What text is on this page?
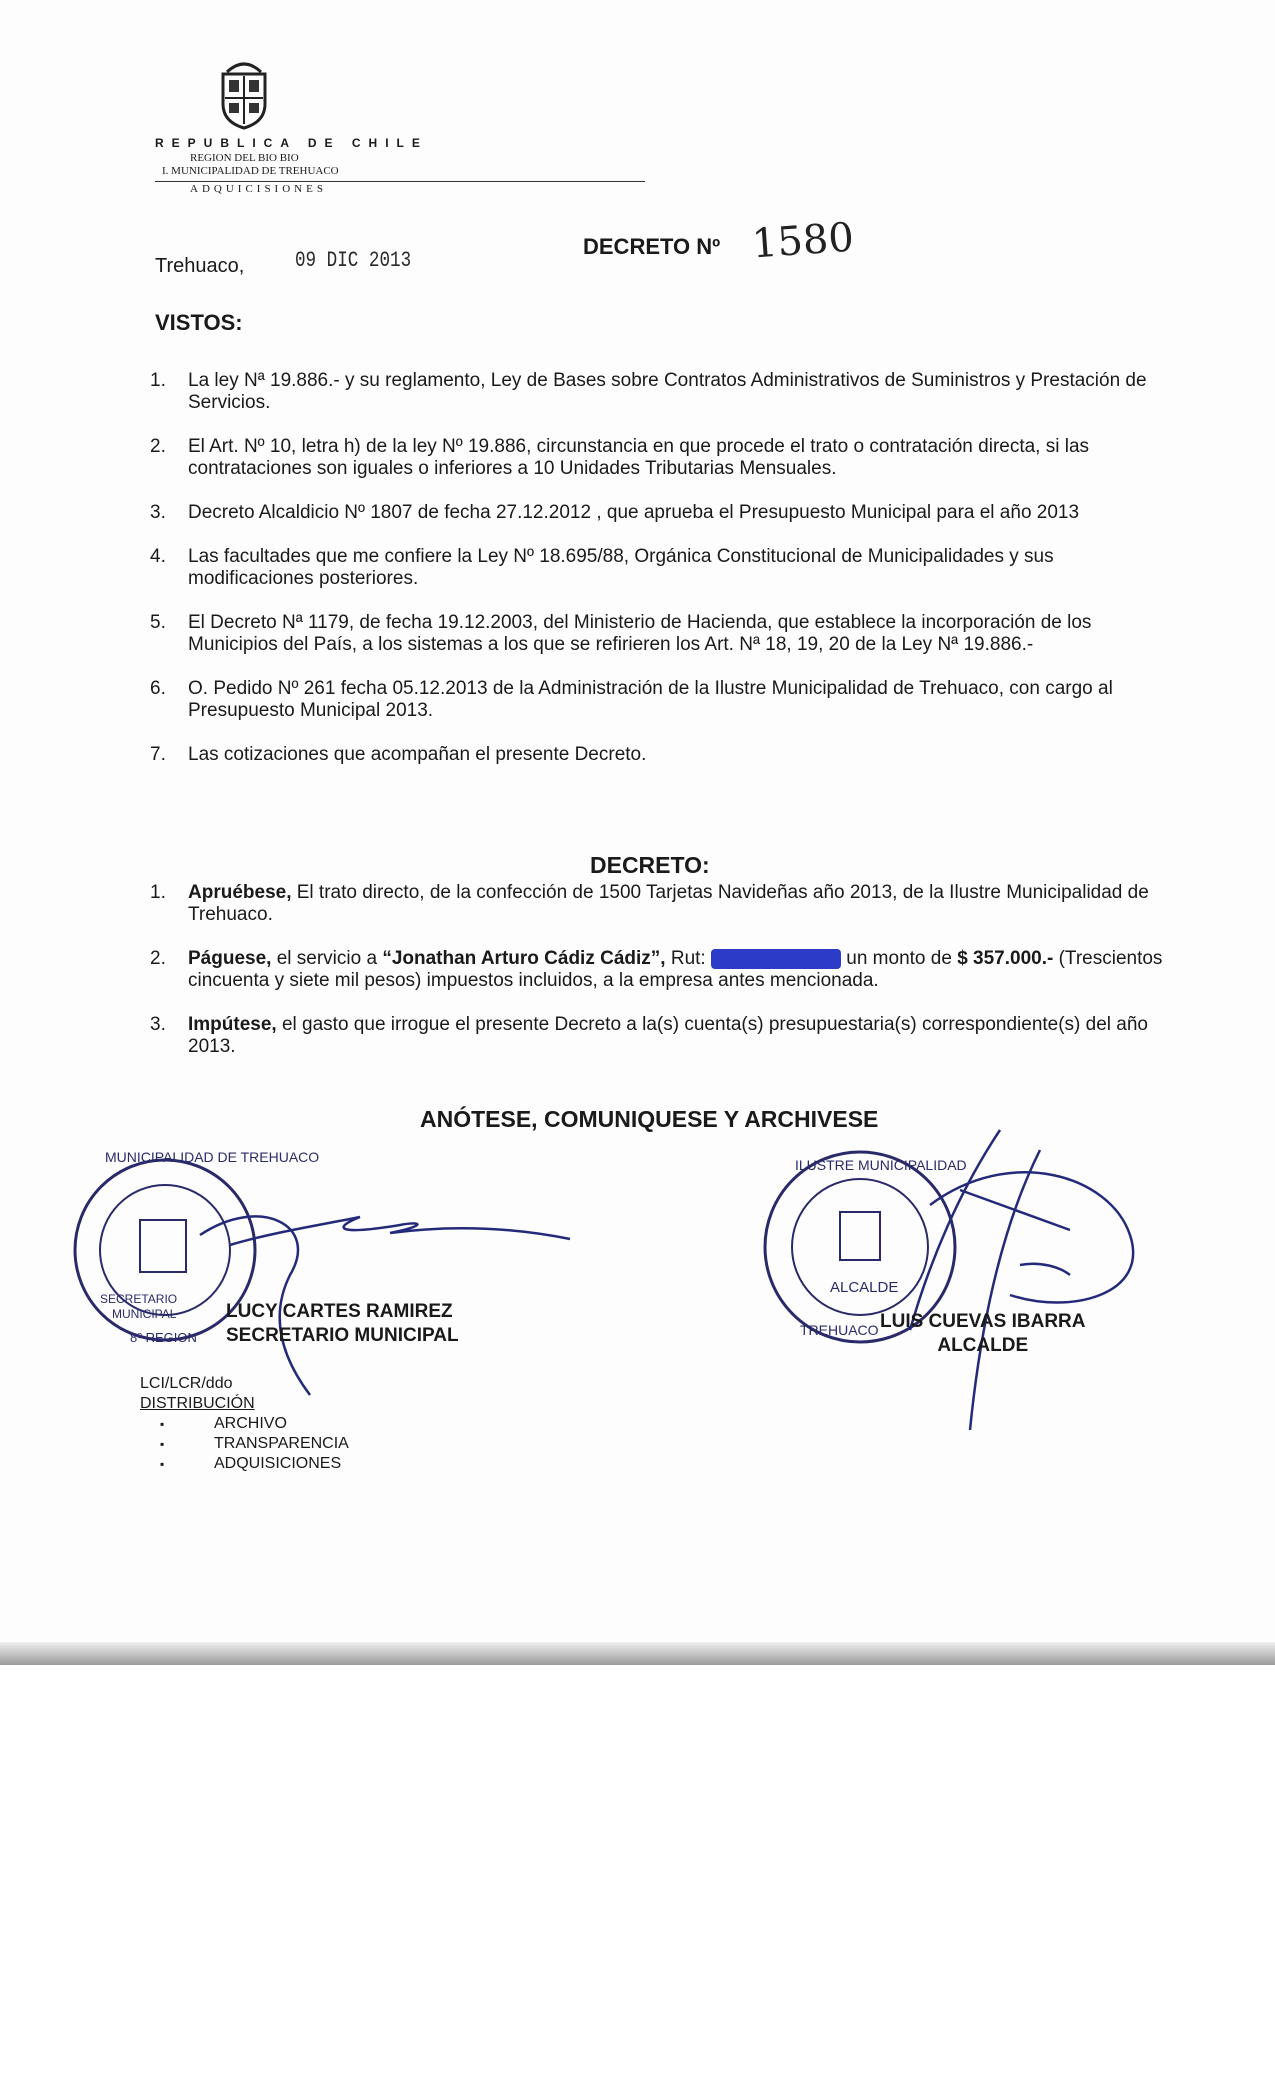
REPUBLICA DE CHILE
REGION DEL BIO BIO
I. MUNICIPALIDAD DE TREHUACO
ADQUICISIONES
Trehuaco, 09 DIC 2013
DECRETO Nº 1580
VISTOS:
1.	La ley Nª 19.886.- y su reglamento, Ley de Bases sobre Contratos Administrativos de Suministros y Prestación de Servicios.
2.	El Art. Nº 10, letra h) de la ley Nº 19.886, circunstancia en que procede el trato o contratación directa, si las contrataciones son iguales o inferiores a 10 Unidades Tributarias Mensuales.
3.	Decreto Alcaldicio Nº 1807 de fecha 27.12.2012 , que aprueba el Presupuesto Municipal para el año 2013
4.	Las facultades que me confiere la Ley Nº 18.695/88, Orgánica Constitucional de Municipalidades y sus modificaciones posteriores.
5.	El Decreto Nª 1179, de fecha 19.12.2003, del Ministerio de Hacienda, que establece la incorporación de los Municipios del País, a los sistemas a los que se refirieren los Art. Nª 18, 19, 20 de la Ley Nª 19.886.-
6.	O. Pedido Nº 261 fecha 05.12.2013 de la Administración de la Ilustre Municipalidad de Trehuaco, con cargo al Presupuesto Municipal 2013.
7.	Las cotizaciones que acompañan el presente Decreto.
DECRETO:
1.	Apruébese, El trato directo, de la confección de 1500 Tarjetas Navideñas año 2013, de la Ilustre Municipalidad de Trehuaco.
2.	Páguese, el servicio a “Jonathan Arturo Cádiz Cádiz”, Rut:	un monto de $ 357.000.- (Trescientos cincuenta y siete mil pesos) impuestos incluidos, a la empresa antes mencionada.
3.	Impútese, el gasto que irrogue el presente Decreto a la(s) cuenta(s) presupuestaria(s) correspondiente(s) del año 2013.
ANÓTESE, COMUNIQUESE Y ARCHIVESE
SECRETARIO
MUNICIPAL
MUNICIPALIDAD DE TREHUACO
8º REGION
ILUSTRE MUNICIPALIDAD
ALCALDE
TREHUACO
LUCY CARTES RAMIREZ
SECRETARIO MUNICIPAL
LUIS CUEVAS IBARRA
ALCALDE
LCI/LCR/ddo
DISTRIBUCIÓN
▪ ARCHIVO
▪ TRANSPARENCIA
▪ ADQUISICIONES
